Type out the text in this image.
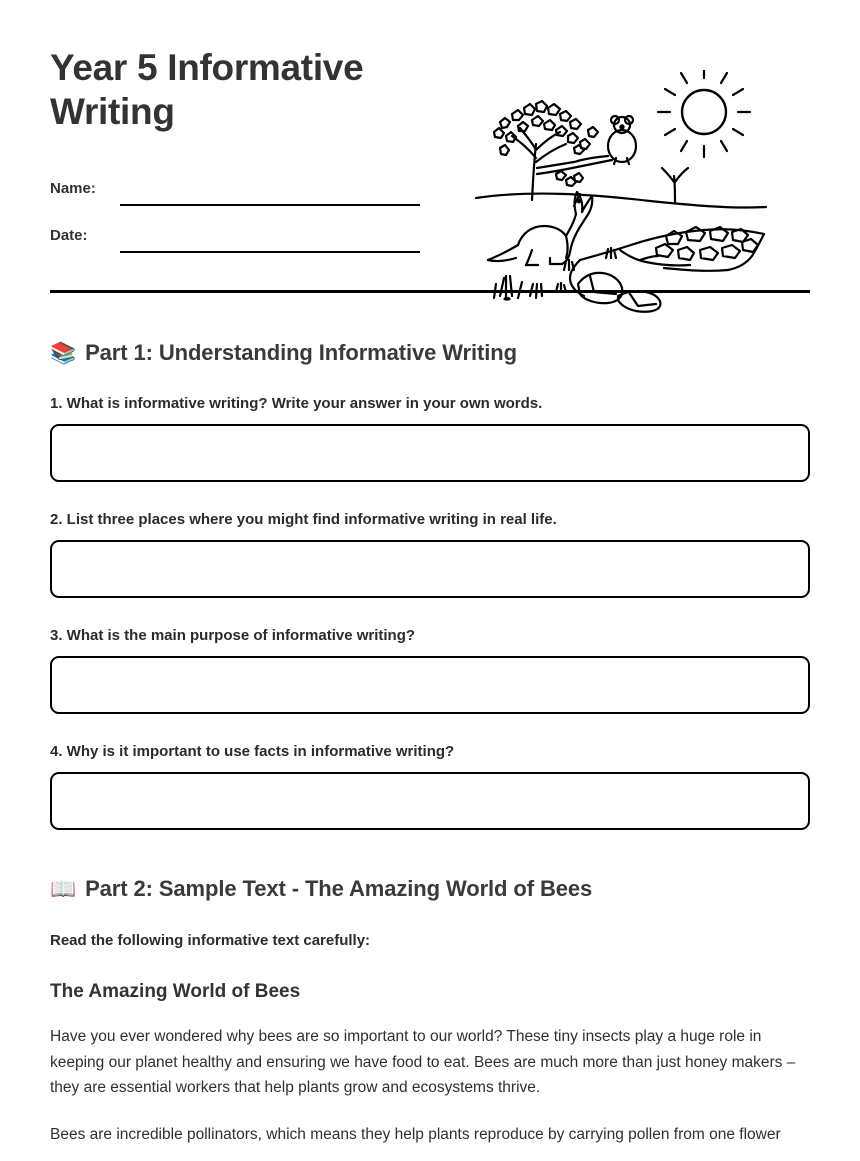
Year 5 Informative Writing
Name:
Date:
📚 Part 1: Understanding Informative Writing

1. What is informative writing? Write your answer in your own words.

2. List three places where you might find informative writing in real life.

3. What is the main purpose of informative writing?

4. Why is it important to use facts in informative writing?

📖 Part 2: Sample Text - The Amazing World of Bees

Read the following informative text carefully:

The Amazing World of Bees

Have you ever wondered why bees are so important to our world? These tiny insects play a huge role in keeping our planet healthy and ensuring we have food to eat. Bees are much more than just honey makers – they are essential workers that help plants grow and ecosystems thrive.

Bees are incredible pollinators, which means they help plants reproduce by carrying pollen from one flower
